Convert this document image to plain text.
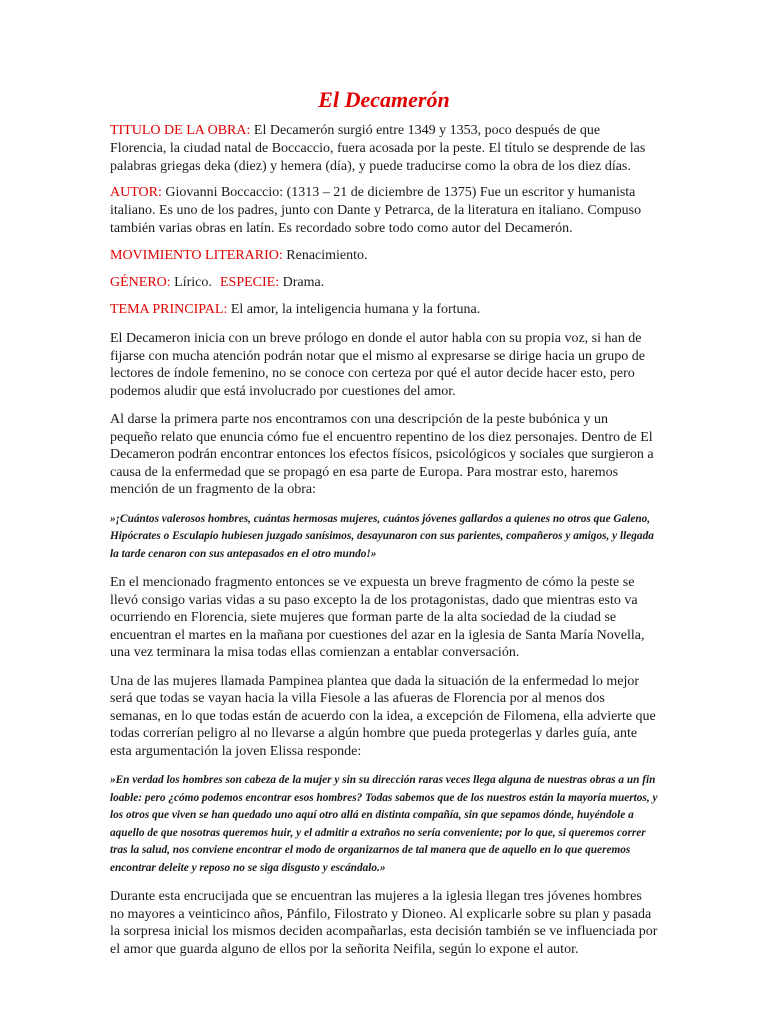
El Decamerón

TITULO DE LA OBRA: El Decamerón surgió entre 1349 y 1353, poco después de que Florencia, la ciudad natal de Boccaccio, fuera acosada por la peste. El título se desprende de las palabras griegas deka (diez) y hemera (día), y puede traducirse como la obra de los diez días.

AUTOR: Giovanni Boccaccio: (1313 – 21 de diciembre de 1375) Fue un escritor y humanista italiano. Es uno de los padres, junto con Dante y Petrarca, de la literatura en italiano. Compuso también varias obras en latín. Es recordado sobre todo como autor del Decamerón.

MOVIMIENTO LITERARIO: Renacimiento.

GÉNERO: Lírico. ESPECIE: Drama.

TEMA PRINCIPAL: El amor, la inteligencia humana y la fortuna.

El Decameron inicia con un breve prólogo en donde el autor habla con su propia voz, si han de fijarse con mucha atención podrán notar que el mismo al expresarse se dirige hacia un grupo de lectores de índole femenino, no se conoce con certeza por qué el autor decide hacer esto, pero podemos aludir que está involucrado por cuestiones del amor.

Al darse la primera parte nos encontramos con una descripción de la peste bubónica y un pequeño relato que enuncia cómo fue el encuentro repentino de los diez personajes. Dentro de El Decameron podrán encontrar entonces los efectos físicos, psicológicos y sociales que surgieron a causa de la enfermedad que se propagó en esa parte de Europa. Para mostrar esto, haremos mención de un fragmento de la obra:

»¡Cuántos valerosos hombres, cuántas hermosas mujeres, cuántos jóvenes gallardos a quienes no otros que Galeno, Hipócrates o Esculapio hubiesen juzgado sanísimos, desayunaron con sus parientes, compañeros y amigos, y llegada la tarde cenaron con sus antepasados en el otro mundo!»

En el mencionado fragmento entonces se ve expuesta un breve fragmento de cómo la peste se llevó consigo varias vidas a su paso excepto la de los protagonistas, dado que mientras esto va ocurriendo en Florencia, siete mujeres que forman parte de la alta sociedad de la ciudad se encuentran el martes en la mañana por cuestiones del azar en la iglesia de Santa María Novella, una vez terminara la misa todas ellas comienzan a entablar conversación.

Una de las mujeres llamada Pampinea plantea que dada la situación de la enfermedad lo mejor será que todas se vayan hacia la villa Fiesole a las afueras de Florencia por al menos dos semanas, en lo que todas están de acuerdo con la idea, a excepción de Filomena, ella advierte que todas correrían peligro al no llevarse a algún hombre que pueda protegerlas y darles guía, ante esta argumentación la joven Elissa responde:

»En verdad los hombres son cabeza de la mujer y sin su dirección raras veces llega alguna de nuestras obras a un fin loable: pero ¿cómo podemos encontrar esos hombres? Todas sabemos que de los nuestros están la mayoría muertos, y los otros que viven se han quedado uno aquí otro allá en distinta compañía, sin que sepamos dónde, huyéndole a aquello de que nosotras queremos huir, y el admitir a extraños no sería conveniente; por lo que, si queremos correr tras la salud, nos conviene encontrar el modo de organizarnos de tal manera que de aquello en lo que queremos encontrar deleite y reposo no se siga disgusto y escándalo.»

Durante esta encrucijada que se encuentran las mujeres a la iglesia llegan tres jóvenes hombres no mayores a veinticinco años, Pánfilo, Filostrato y Dioneo. Al explicarle sobre su plan y pasada la sorpresa inicial los mismos deciden acompañarlas, esta decisión también se ve influenciada por el amor que guarda alguno de ellos por la señorita Neifila, según lo expone el autor.
